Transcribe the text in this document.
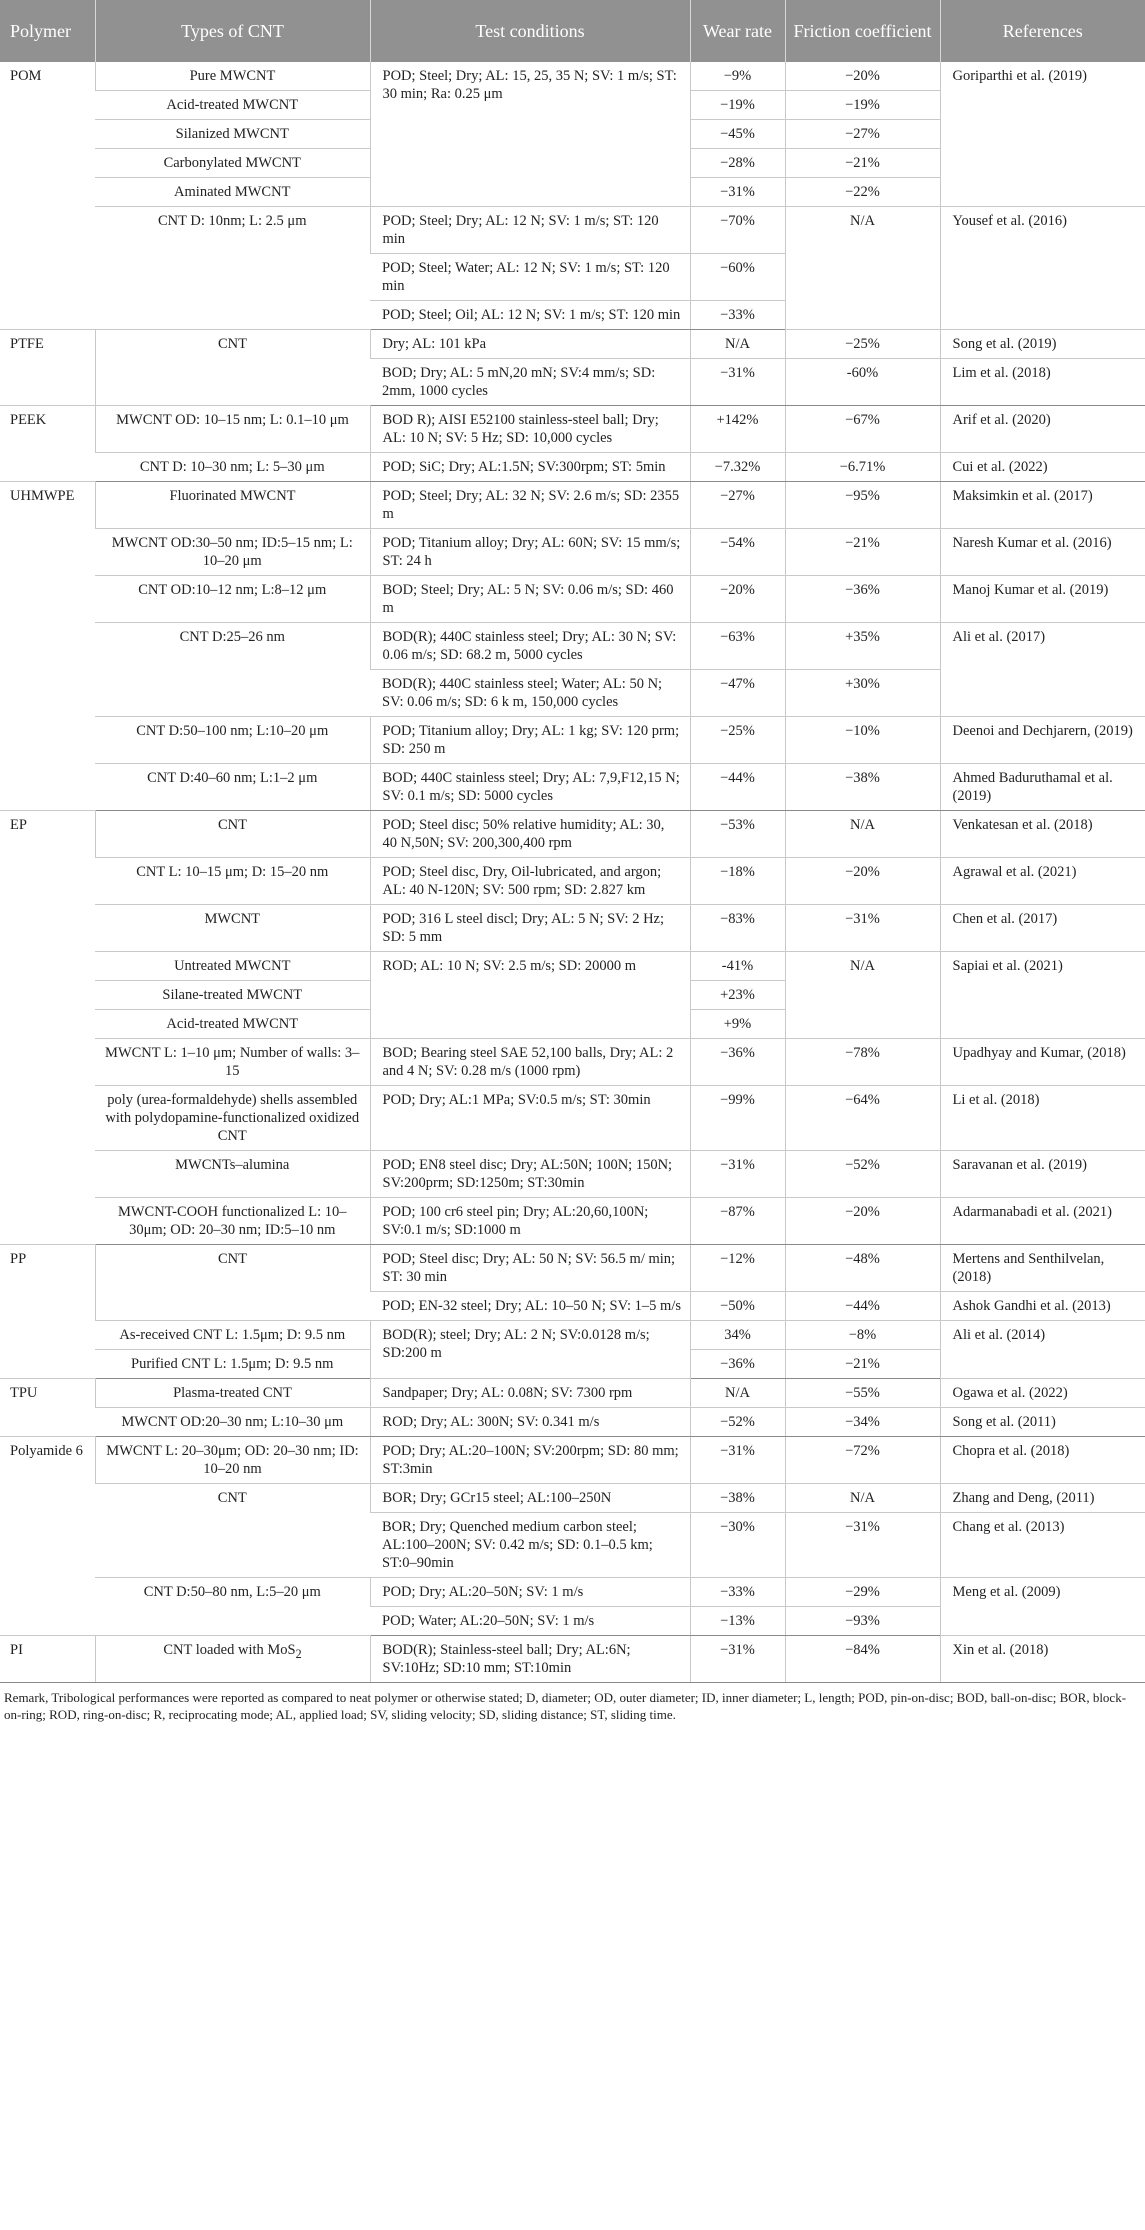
Polymer	Types of CNT	Test conditions	Wear rate	Friction coefficient	References
POM	Pure MWCNT	POD; Steel; Dry; AL: 15, 25, 35 N; SV: 1 m/s; ST: 30 min; Ra: 0.25 μm	−9%	−20%	Goriparthi et al. (2019)
	Acid-treated MWCNT		−19%	−19%	
	Silanized MWCNT		−45%	−27%	
	Carbonylated MWCNT		−28%	−21%	
	Aminated MWCNT		−31%	−22%	
	CNT D: 10nm; L: 2.5 μm	POD; Steel; Dry; AL: 12 N; SV: 1 m/s; ST: 120 min	−70%	N/A	Yousef et al. (2016)
		POD; Steel; Water; AL: 12 N; SV: 1 m/s; ST: 120 min	−60%		
		POD; Steel; Oil; AL: 12 N; SV: 1 m/s; ST: 120 min	−33%		
PTFE	CNT	Dry; AL: 101 kPa	N/A	−25%	Song et al. (2019)
		BOD; Dry; AL: 5 mN,20 mN; SV:4 mm/s; SD: 2mm, 1000 cycles	−31%	-60%	Lim et al. (2018)
PEEK	MWCNT OD: 10–15 nm; L: 0.1–10 μm	BOD R); AISI E52100 stainless-steel ball; Dry; AL: 10 N; SV: 5 Hz; SD: 10,000 cycles	+142%	−67%	Arif et al. (2020)
	CNT D: 10–30 nm; L: 5–30 μm	POD; SiC; Dry; AL:1.5N; SV:300rpm; ST: 5min	−7.32%	−6.71%	Cui et al. (2022)
UHMWPE	Fluorinated MWCNT	POD; Steel; Dry; AL: 32 N; SV: 2.6 m/s; SD: 2355 m	−27%	−95%	Maksimkin et al. (2017)
	MWCNT OD:30–50 nm; ID:5–15 nm; L: 10–20 μm	POD; Titanium alloy; Dry; AL: 60N; SV: 15 mm/s; ST: 24 h	−54%	−21%	Naresh Kumar et al. (2016)
	CNT OD:10–12 nm; L:8–12 μm	BOD; Steel; Dry; AL: 5 N; SV: 0.06 m/s; SD: 460 m	−20%	−36%	Manoj Kumar et al. (2019)
	CNT D:25–26 nm	BOD(R); 440C stainless steel; Dry; AL: 30 N; SV: 0.06 m/s; SD: 68.2 m, 5000 cycles	−63%	+35%	Ali et al. (2017)
		BOD(R); 440C stainless steel; Water; AL: 50 N; SV: 0.06 m/s; SD: 6 k m, 150,000 cycles	−47%	+30%	
	CNT D:50–100 nm; L:10–20 μm	POD; Titanium alloy; Dry; AL: 1 kg; SV: 120 prm; SD: 250 m	−25%	−10%	Deenoi and Dechjarern, (2019)
	CNT D:40–60 nm; L:1–2 μm	BOD; 440C stainless steel; Dry; AL: 7,9,F12,15 N; SV: 0.1 m/s; SD: 5000 cycles	−44%	−38%	Ahmed Baduruthamal et al. (2019)
EP	CNT	POD; Steel disc; 50% relative humidity; AL: 30, 40 N,50N; SV: 200,300,400 rpm	−53%	N/A	Venkatesan et al. (2018)
	CNT L: 10–15 μm; D: 15–20 nm	POD; Steel disc, Dry, Oil-lubricated, and argon; AL: 40 N-120N; SV: 500 rpm; SD: 2.827 km	−18%	−20%	Agrawal et al. (2021)
	MWCNT	POD; 316 L steel discl; Dry; AL: 5 N; SV: 2 Hz; SD: 5 mm	−83%	−31%	Chen et al. (2017)
	Untreated MWCNT	ROD; AL: 10 N; SV: 2.5 m/s; SD: 20000 m	-41%	N/A	Sapiai et al. (2021)
	Silane-treated MWCNT		+23%		
	Acid-treated MWCNT		+9%		
	MWCNT L: 1–10 μm; Number of walls: 3–15	BOD; Bearing steel SAE 52,100 balls, Dry; AL: 2 and 4 N; SV: 0.28 m/s (1000 rpm)	−36%	−78%	Upadhyay and Kumar, (2018)
	poly (urea-formaldehyde) shells assembled with polydopamine-functionalized oxidized CNT	POD; Dry; AL:1 MPa; SV:0.5 m/s; ST: 30min	−99%	−64%	Li et al. (2018)
	MWCNTs–alumina	POD; EN8 steel disc; Dry; AL:50N; 100N; 150N; SV:200prm; SD:1250m; ST:30min	−31%	−52%	Saravanan et al. (2019)
	MWCNT-COOH functionalized L: 10–30μm; OD: 20–30 nm; ID:5–10 nm	POD; 100 cr6 steel pin; Dry; AL:20,60,100N; SV:0.1 m/s; SD:1000 m	−87%	−20%	Adarmanabadi et al. (2021)
PP	CNT	POD; Steel disc; Dry; AL: 50 N; SV: 56.5 m/ min; ST: 30 min	−12%	−48%	Mertens and Senthilvelan, (2018)
		POD; EN-32 steel; Dry; AL: 10–50 N; SV: 1–5 m/s	−50%	−44%	Ashok Gandhi et al. (2013)
	As-received CNT L: 1.5μm; D: 9.5 nm	BOD(R); steel; Dry; AL: 2 N; SV:0.0128 m/s; SD:200 m	34%	−8%	Ali et al. (2014)
	Purified CNT L: 1.5μm; D: 9.5 nm		−36%	−21%	
TPU	Plasma-treated CNT	Sandpaper; Dry; AL: 0.08N; SV: 7300 rpm	N/A	−55%	Ogawa et al. (2022)
	MWCNT OD:20–30 nm; L:10–30 μm	ROD; Dry; AL: 300N; SV: 0.341 m/s	−52%	−34%	Song et al. (2011)
Polyamide 6	MWCNT L: 20–30μm; OD: 20–30 nm; ID: 10–20 nm	POD; Dry; AL:20–100N; SV:200rpm; SD: 80 mm; ST:3min	−31%	−72%	Chopra et al. (2018)
	CNT	BOR; Dry; GCr15 steel; AL:100–250N	−38%	N/A	Zhang and Deng, (2011)
		BOR; Dry; Quenched medium carbon steel; AL:100–200N; SV: 0.42 m/s; SD: 0.1–0.5 km; ST:0–90min	−30%	−31%	Chang et al. (2013)
	CNT D:50–80 nm, L:5–20 μm	POD; Dry; AL:20–50N; SV: 1 m/s	−33%	−29%	Meng et al. (2009)
		POD; Water; AL:20–50N; SV: 1 m/s	−13%	−93%	
PI	CNT loaded with MoS$_2$	BOD(R); Stainless-steel ball; Dry; AL:6N; SV:10Hz; SD:10 mm; ST:10min	−31%	−84%	Xin et al. (2018)
Remark, Tribological performances were reported as compared to neat polymer or otherwise stated; D, diameter; OD, outer diameter; ID, inner diameter; L, length; POD, pin-on-disc; BOD, ball-on-disc; BOR, block-on-ring; ROD, ring-on-disc; R, reciprocating mode; AL, applied load; SV, sliding velocity; SD, sliding distance; ST, sliding time.
